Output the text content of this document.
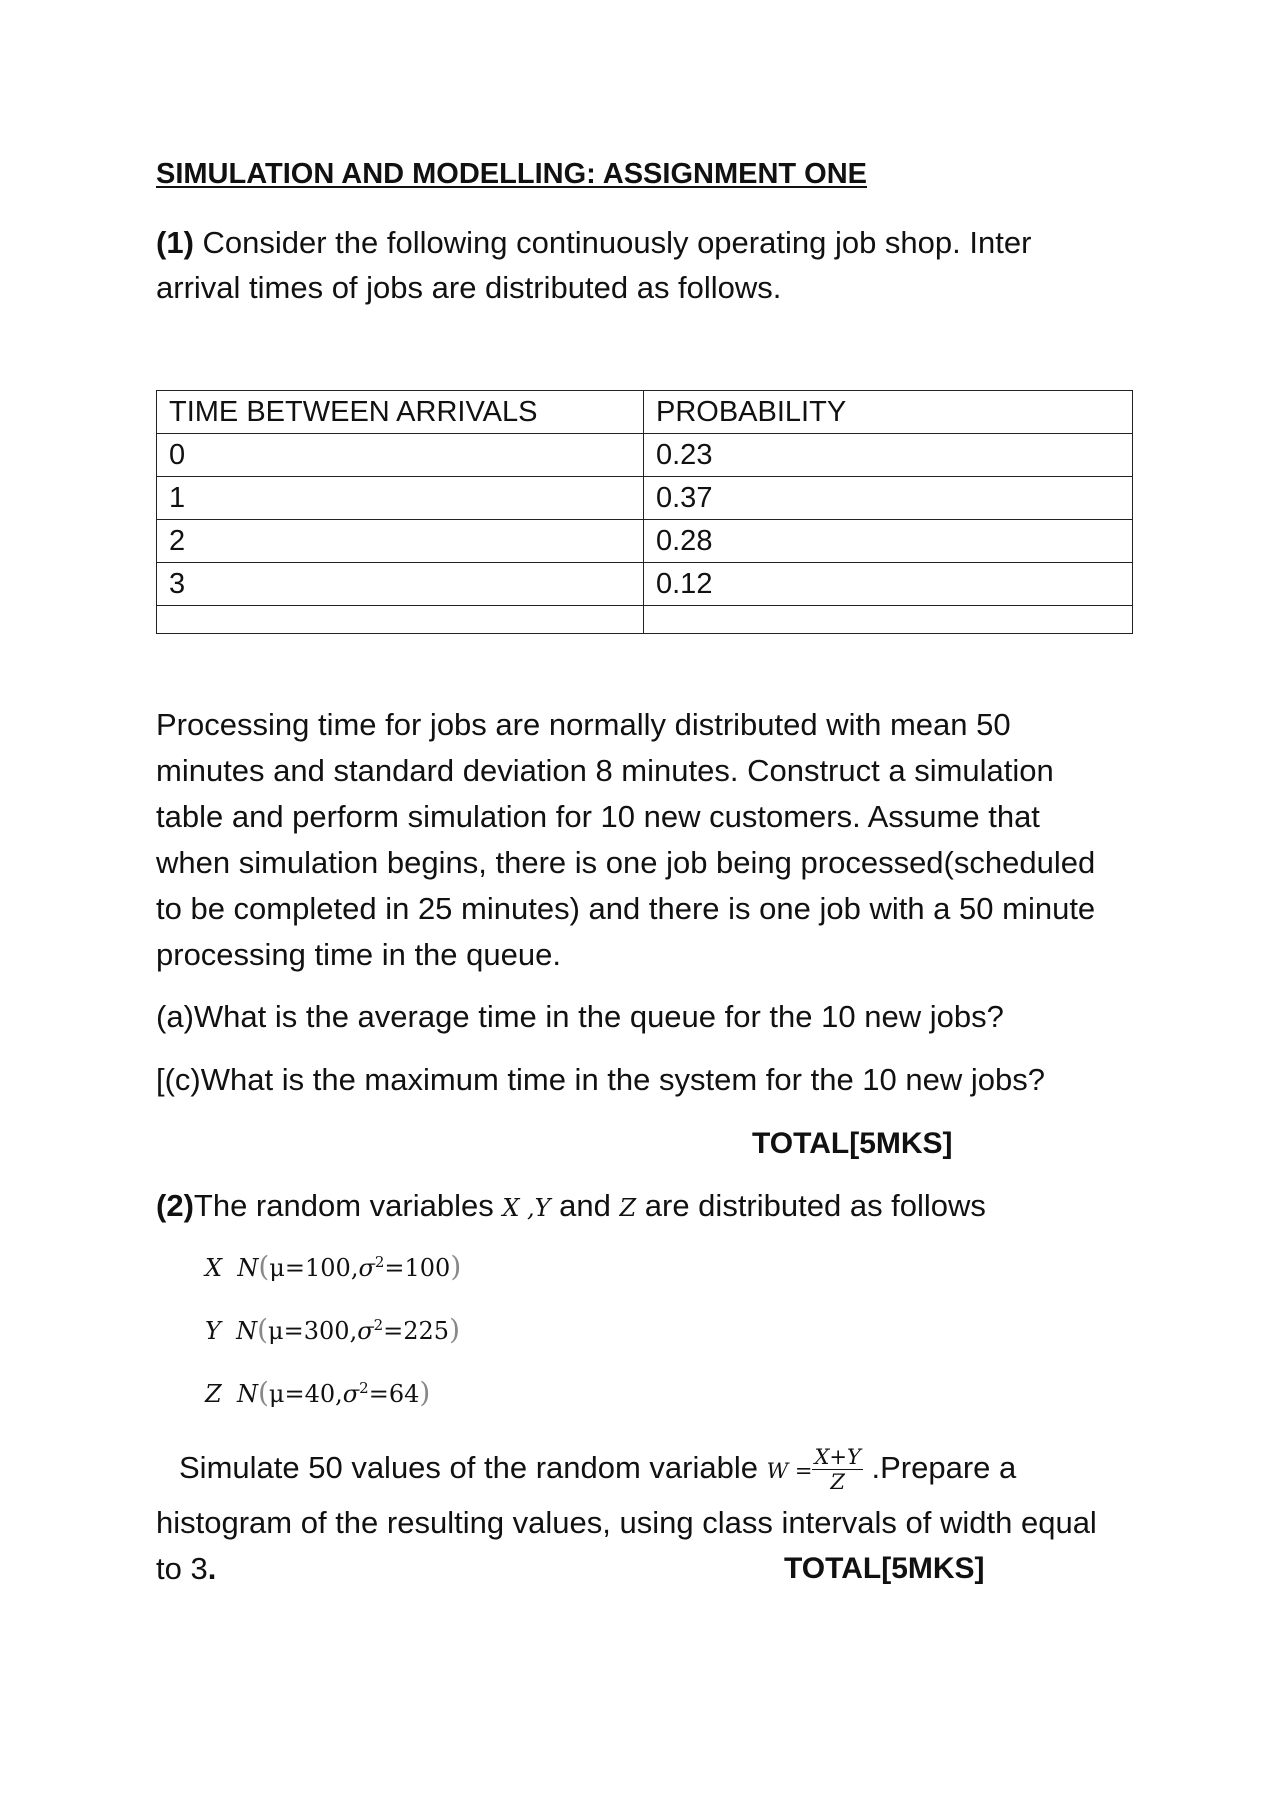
SIMULATION AND MODELLING: ASSIGNMENT ONE
(1) Consider the following continuously operating job shop. Inter
arrival times of jobs are distributed as follows.
TIME BETWEEN ARRIVALS	PROBABILITY
0	0.23
1	0.37
2	0.28
3	0.12

Processing time for jobs are normally distributed with mean 50
minutes and standard deviation 8 minutes. Construct a simulation
table and perform simulation for 10 new customers. Assume that
when simulation begins, there is one job being processed(scheduled
to be completed in 25 minutes) and there is one job with a 50 minute
processing time in the queue.
(a)What is the average time in the queue for the 10 new jobs?
[(c)What is the maximum time in the system for the 10 new jobs?
TOTAL[5MKS]
(2)The random variables X ,Y and Z are distributed as follows
X $N(\mu=100,\sigma^2=100)$
Y $N(\mu=300,\sigma^2=225)$
Z $N(\mu=40,\sigma^2=64)$
Simulate 50 values of the random variable $W = \frac{X+Y}{Z}$ .Prepare a
histogram of the resulting values, using class intervals of width equal
to 3.	TOTAL[5MKS]
